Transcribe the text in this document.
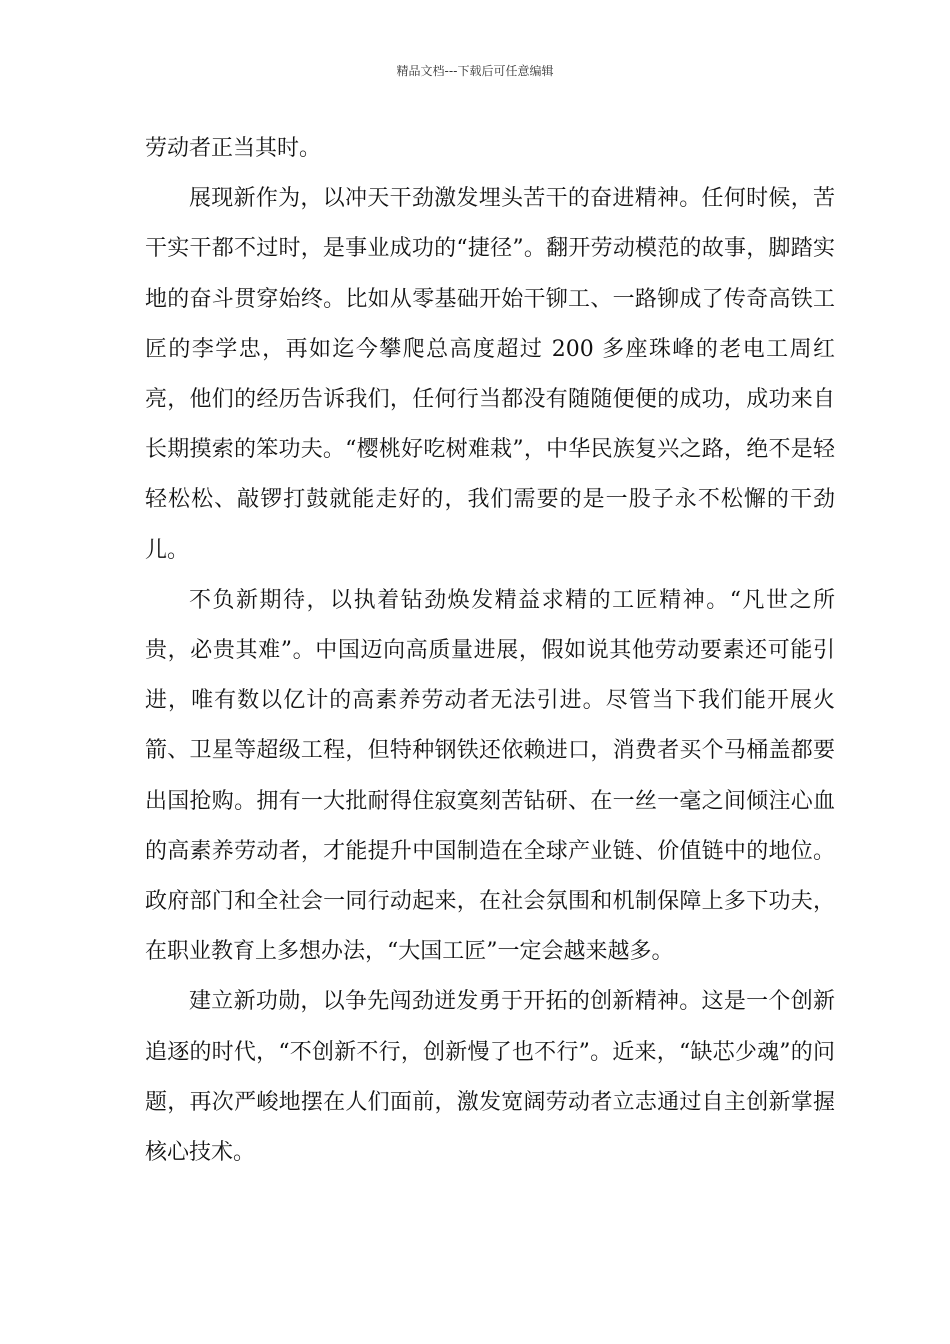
精品文档---下载后可任意编辑

劳动者正当其时。

展现新作为，以冲天干劲激发埋头苦干的奋进精神。任何时候，苦干实干都不过时，是事业成功的“捷径”。翻开劳动模范的故事，脚踏实地的奋斗贯穿始终。比如从零基础开始干铆工、一路铆成了传奇高铁工匠的李学忠，再如迄今攀爬总高度超过 200 多座珠峰的老电工周红亮，他们的经历告诉我们，任何行当都没有随随便便的成功，成功来自长期摸索的笨功夫。“樱桃好吃树难栽”，中华民族复兴之路，绝不是轻轻松松、敲锣打鼓就能走好的，我们需要的是一股子永不松懈的干劲儿。

不负新期待，以执着钻劲焕发精益求精的工匠精神。“凡世之所贵，必贵其难”。中国迈向高质量进展，假如说其他劳动要素还可能引进，唯有数以亿计的高素养劳动者无法引进。尽管当下我们能开展火箭、卫星等超级工程，但特种钢铁还依赖进口，消费者买个马桶盖都要出国抢购。拥有一大批耐得住寂寞刻苦钻研、在一丝一毫之间倾注心血的高素养劳动者，才能提升中国制造在全球产业链、价值链中的地位。政府部门和全社会一同行动起来，在社会氛围和机制保障上多下功夫，在职业教育上多想办法，“大国工匠”一定会越来越多。

建立新功勋，以争先闯劲迸发勇于开拓的创新精神。这是一个创新追逐的时代，“不创新不行，创新慢了也不行”。近来，“缺芯少魂”的问题，再次严峻地摆在人们面前，激发宽阔劳动者立志通过自主创新掌握核心技术。
